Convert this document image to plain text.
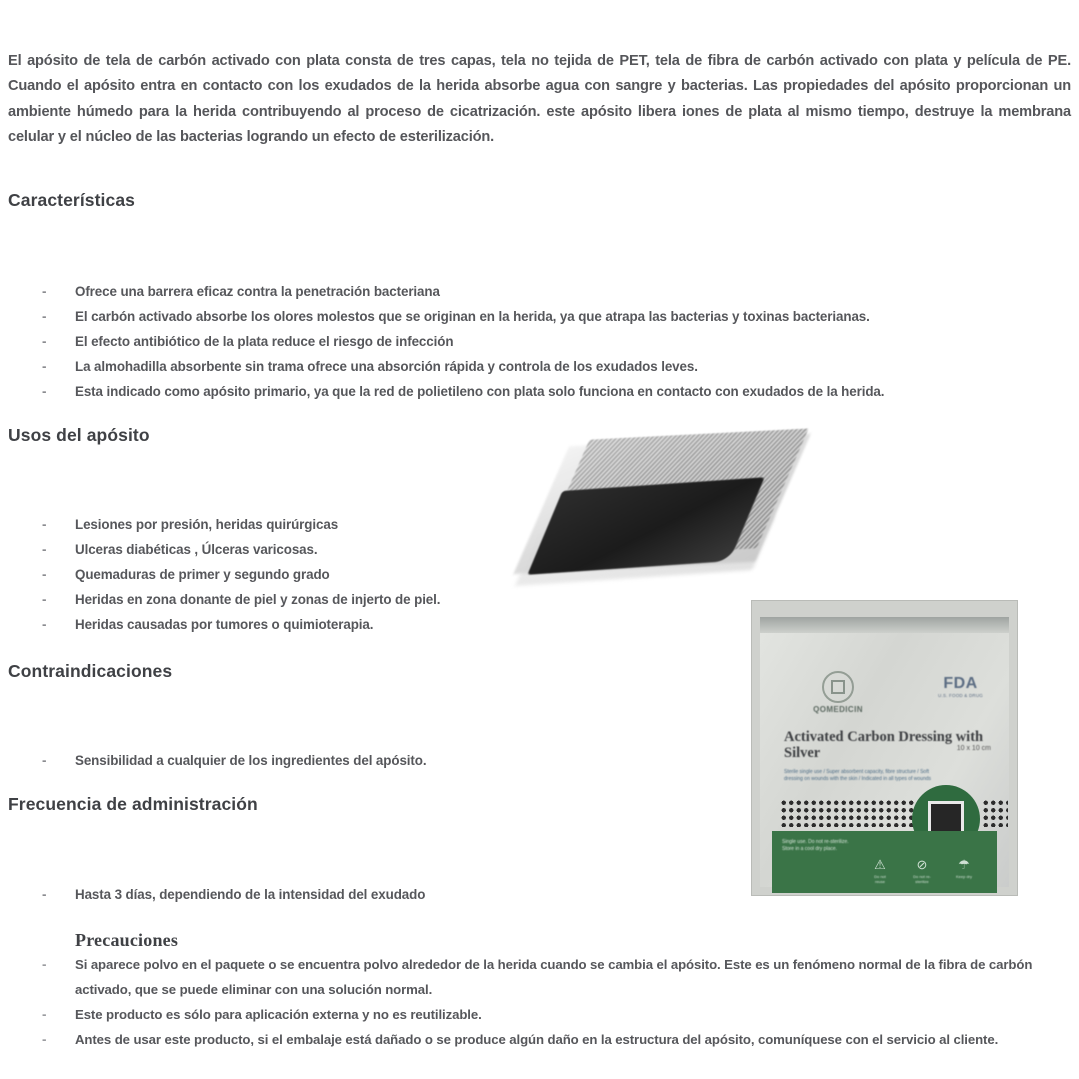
El apósito de tela de carbón activado con plata consta de tres capas, tela no tejida de PET, tela de fibra de carbón activado con plata y película de PE. Cuando el apósito entra en contacto con los exudados de la herida absorbe agua con sangre y bacterias. Las propiedades del apósito proporcionan un ambiente húmedo para la herida contribuyendo al proceso de cicatrización. este apósito libera iones de plata al mismo tiempo, destruye la membrana celular y el núcleo de las bacterias logrando un efecto de esterilización.

Características
- Ofrece una barrera eficaz contra la penetración bacteriana
- El carbón activado absorbe los olores molestos que se originan en la herida, ya que atrapa las bacterias y toxinas bacterianas.
- El efecto antibiótico de la plata reduce el riesgo de infección
- La almohadilla absorbente sin trama ofrece una absorción rápida y controla de los exudados leves.
- Esta indicado como apósito primario, ya que la red de polietileno con plata solo funciona en contacto con exudados de la herida.
Usos del apósito
- Lesiones por presión, heridas quirúrgicas
- Ulceras diabéticas , Úlceras varicosas.
- Quemaduras de primer y segundo grado
- Heridas en zona donante de piel y zonas de injerto de piel.
- Heridas causadas por tumores o quimioterapia.
Contraindicaciones
- Sensibilidad a cualquier de los ingredientes del apósito.
Frecuencia de administración
- Hasta 3 días, dependiendo de la intensidad del exudado
Precauciones
- Si aparece polvo en el paquete o se encuentra polvo alrededor de la herida cuando se cambia el apósito. Este es un fenómeno normal de la fibra de carbón activado, que se puede eliminar con una solución normal.
- Este producto es sólo para aplicación externa y no es reutilizable.
- Antes de usar este producto, si el embalaje está dañado o se produce algún daño en la estructura del apósito, comuníquese con el servicio al cliente.
QOMEDICIN
FDA
U.S. FOOD & DRUG
Activated Carbon Dressing with Silver	10 x 10 cm
Sterile single use / Super absorbent capacity, fibre structure / Soft dressing on wounds with the skin / Indicated in all types of wounds
Single use. Do not re-sterilize. Store in a cool dry place.
⚠
Do not reuse
⊘
Do not re-sterilize
☂
Keep dry
